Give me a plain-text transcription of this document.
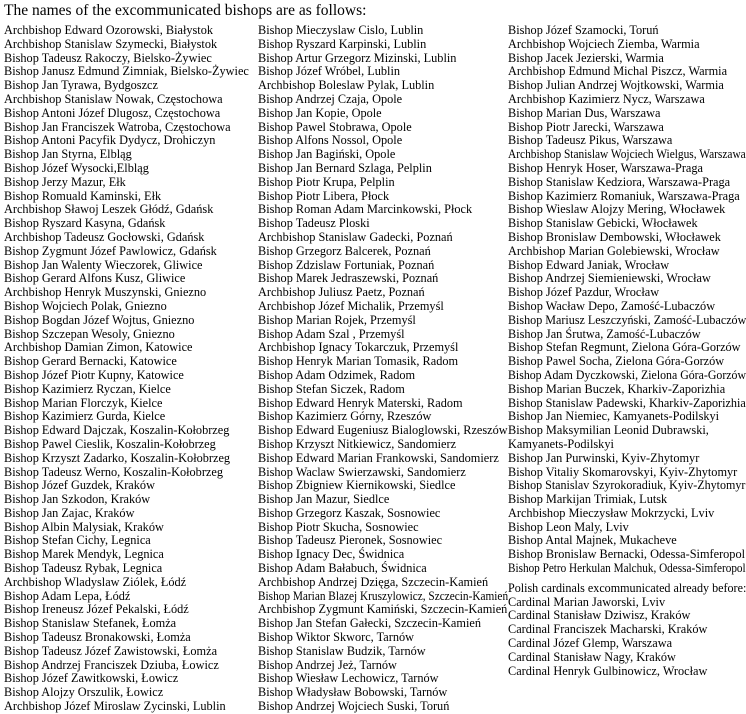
The names of the excommunicated bishops are as follows:
Archbishop Edward Ozorowski, Białystok
Archbishop Stanislaw Szymecki, Białystok
Bishop Tadeusz Rakoczy, Bielsko-Żywiec
Bishop Janusz Edmund Zimniak, Bielsko-Żywiec
Bishop Jan Tyrawa, Bydgoszcz
Archbishop Stanislaw Nowak, Częstochowa
Bishop Antoni Józef Dlugosz, Częstochowa
Bishop Jan Franciszek Watroba, Częstochowa
Bishop Antoni Pacyfik Dydycz, Drohiczyn
Bishop Jan Styrna, Elbląg
Bishop Józef Wysocki,Elbląg
Bishop Jerzy Mazur, Ełk
Bishop Romuald Kaminski, Ełk
Archbishop Sławoj Leszek Głódź, Gdańsk
Bishop Ryszard Kasyna, Gdańsk
Archbishop Tadeusz Gocłowski, Gdańsk
Bishop Zygmunt Józef Pawlowicz, Gdańsk
Bishop Jan Walenty Wieczorek, Gliwice
Bishop Gerard Alfons Kusz, Gliwice
Archbishop Henryk Muszynski, Gniezno
Bishop Wojciech Polak, Gniezno
Bishop Bogdan Józef Wojtus, Gniezno
Bishop Szczepan Wesoly, Gniezno
Archbishop Damian Zimon, Katowice
Bishop Gerard Bernacki, Katowice
Bishop Józef Piotr Kupny, Katowice
Bishop Kazimierz Ryczan, Kielce
Bishop Marian Florczyk, Kielce
Bishop Kazimierz Gurda, Kielce
Bishop Edward Dajczak, Koszalin-Kołobrzeg
Bishop Pawel Cieslik, Koszalin-Kołobrzeg
Bishop Krzyszt Zadarko, Koszalin-Kołobrzeg
Bishop Tadeusz Werno, Koszalin-Kołobrzeg
Bishop Józef Guzdek, Kraków
Bishop Jan Szkodon, Kraków
Bishop Jan Zajac, Kraków
Bishop Albin Malysiak, Kraków
Bishop Stefan Cichy, Legnica
Bishop Marek Mendyk, Legnica
Bishop Tadeusz Rybak, Legnica
Archbishop Wladyslaw Ziólek, Łódź
Bishop Adam Lepa, Łódź
Bishop Ireneusz Józef Pekalski, Łódź
Bishop Stanislaw Stefanek, Łomża
Bishop Tadeusz Bronakowski, Łomża
Bishop Tadeusz Józef Zawistowski, Łomża
Bishop Andrzej Franciszek Dziuba, Łowicz
Bishop Józef Zawitkowski, Łowicz
Bishop Alojzy Orszulik, Łowicz
Archbishop Józef Miroslaw Zycinski, Lublin
Bishop Mieczyslaw Cislo, Lublin
Bishop Ryszard Karpinski, Lublin
Bishop Artur Grzegorz Mizinski, Lublin
Bishop Józef Wróbel, Lublin
Archbishop Boleslaw Pylak, Lublin
Bishop Andrzej Czaja, Opole
Bishop Jan Kopie, Opole
Bishop Pawel Stobrawa, Opole
Bishop Alfons Nossol, Opole
Bishop Jan Bagiński, Opole
Bishop Jan Bernard Szlaga, Pelplin
Bishop Piotr Krupa, Pelplin
Bishop Piotr Libera, Płock
Bishop Roman Adam Marcinkowski, Płock
Bishop Tadeusz Ploski
Archbishop Stanislaw Gadecki, Poznań
Bishop Grzegorz Balcerek, Poznań
Bishop Zdzislaw Fortuniak, Poznań
Bishop Marek Jedraszewski, Poznań
Archbishop Juliusz Paetz, Poznań
Archbishop Józef Michalik, Przemyśl
Bishop Marian Rojek, Przemyśl
Bishop Adam Szal , Przemyśl
Archbishop Ignacy Tokarczuk, Przemyśl
Bishop Henryk Marian Tomasik, Radom
Bishop Adam Odzimek, Radom
Bishop Stefan Siczek, Radom
Bishop Edward Henryk Materski, Radom
Bishop Kazimierz Górny, Rzeszów
Bishop Edward Eugeniusz Bialoglowski, Rzeszów
Bishop Krzyszt Nitkiewicz, Sandomierz
Bishop Edward Marian Frankowski, Sandomierz
Bishop Waclaw Swierzawski, Sandomierz
Bishop Zbigniew Kiernikowski, Siedlce
Bishop Jan Mazur, Siedlce
Bishop Grzegorz Kaszak, Sosnowiec
Bishop Piotr Skucha, Sosnowiec
Bishop Tadeusz Pieronek, Sosnowiec
Bishop Ignacy Dec, Świdnica
Bishop Adam Bałabuch, Świdnica
Archbishop Andrzej Dzięga, Szczecin-Kamień
Bishop Marian Blazej Kruszylowicz, Szczecin-Kamień
Archbishop Zygmunt Kamiński, Szczecin-Kamień
Bishop Jan Stefan Gałecki, Szczecin-Kamień
Bishop Wiktor Skworc, Tarnów
Bishop Stanislaw Budzik, Tarnów
Bishop Andrzej Jeż, Tarnów
Bishop Wiesław Lechowicz, Tarnów
Bishop Władysław Bobowski, Tarnów
Bishop Andrzej Wojciech Suski, Toruń
Bishop Józef Szamocki, Toruń
Archbishop Wojciech Ziemba, Warmia
Bishop Jacek Jezierski, Warmia
Archbishop Edmund Michal Piszcz, Warmia
Bishop Julian Andrzej Wojtkowski, Warmia
Archbishop Kazimierz Nycz, Warszawa
Bishop Marian Dus, Warszawa
Bishop Piotr Jarecki, Warszawa
Bishop Tadeusz Pikus, Warszawa
Archbishop Stanislaw Wojciech Wielgus, Warszawa
Bishop Henryk Hoser, Warszawa-Praga
Bishop Stanislaw Kedziora, Warszawa-Praga
Bishop Kazimierz Romaniuk, Warszawa-Praga
Bishop Wieslaw Alojzy Mering, Włocławek
Bishop Stanislaw Gebicki, Włocławek
Bishop Bronislaw Dembowski, Włocławek
Archbishop Marian Golebiewski, Wrocław
Bishop Edward Janiak, Wrocław
Bishop Andrzej Siemieniewski, Wrocław
Bishop Józef Pazdur, Wrocław
Bishop Wacław Depo, Zamość-Lubaczów
Bishop Mariusz Leszczyński, Zamość-Lubaczów
Bishop Jan Śrutwa, Zamość-Lubaczów
Bishop Stefan Regmunt, Zielona Góra-Gorzów
Bishop Pawel Socha, Zielona Góra-Gorzów
Bishop Adam Dyczkowski, Zielona Góra-Gorzów
Bishop Marian Buczek, Kharkiv-Zaporizhia
Bishop Stanislaw Padewski, Kharkiv-Zaporizhia
Bishop Jan Niemiec, Kamyanets-Podilskyi
Bishop Maksymilian Leonid Dubrawski,
Kamyanets-Podilskyi
Bishop Jan Purwinski, Kyiv-Zhytomyr
Bishop Vitaliy Skomarovskyi, Kyiv-Zhytomyr
Bishop Stanislav Szyrokoradiuk, Kyiv-Zhytomyr
Bishop Markijan Trimiak, Lutsk
Archbishop Mieczysław Mokrzycki, Lviv
Bishop Leon Maly, Lviv
Bishop Antal Majnek, Mukacheve
Bishop Bronislaw Bernacki, Odessa-Simferopol
Bishop Petro Herkulan Malchuk, Odessa-Simferopol
Polish cardinals excommunicated already before:
Cardinal Marian Jaworski, Lviv
Cardinal Stanisław Dziwisz, Kraków
Cardinal Franciszek Macharski, Kraków
Cardinal Józef Glemp, Warszawa
Cardinal Stanisław Nagy, Kraków
Cardinal Henryk Gulbinowicz, Wrocław
